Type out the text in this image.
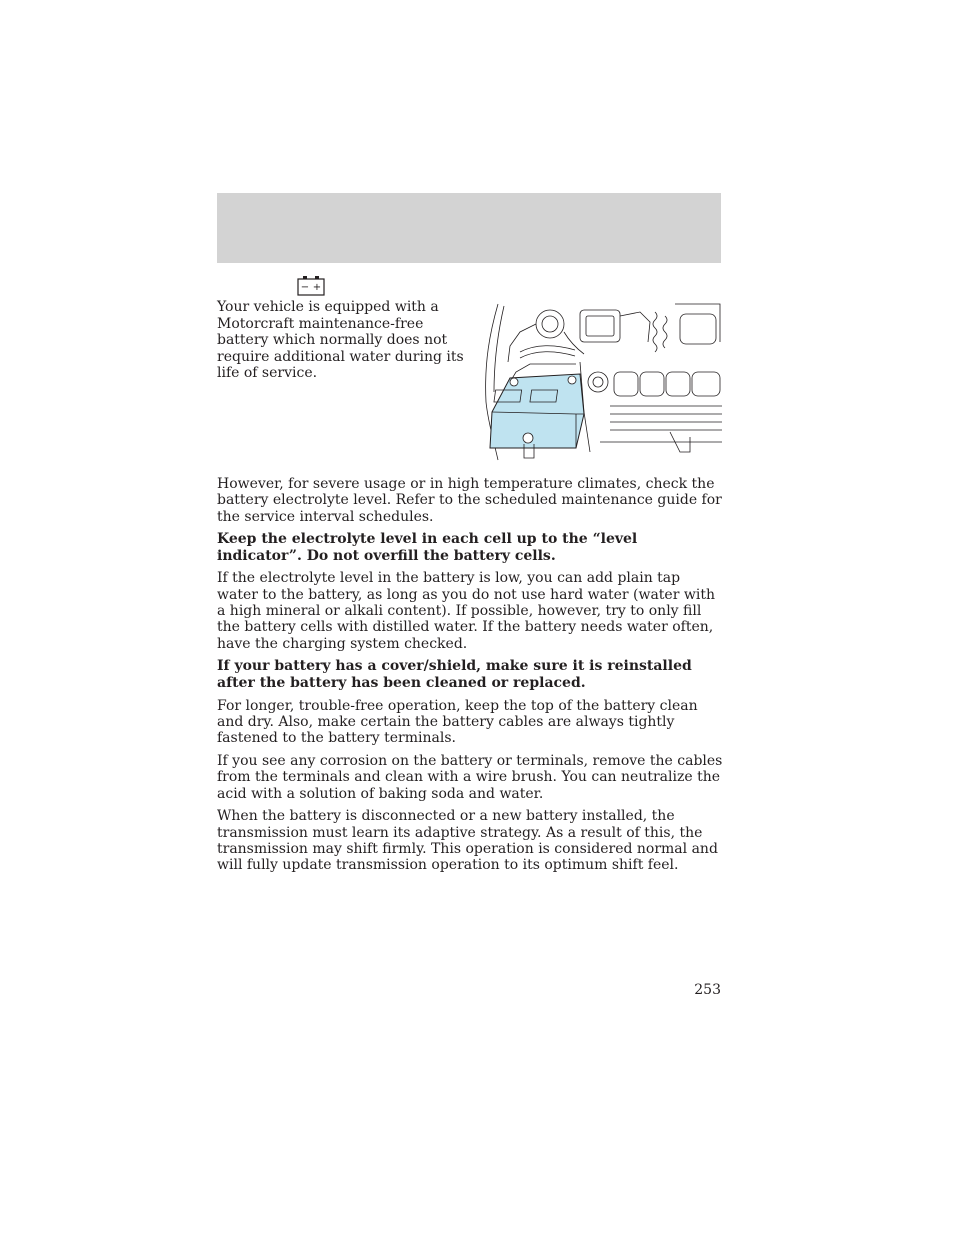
− +

Your vehicle is equipped with a Motorcraft maintenance-free battery which normally does not require additional water during its life of service.

However, for severe usage or in high temperature climates, check the battery electrolyte level. Refer to the scheduled maintenance guide for the service interval schedules.

Keep the electrolyte level in each cell up to the “level indicator”. Do not overfill the battery cells.

If the electrolyte level in the battery is low, you can add plain tap water to the battery, as long as you do not use hard water (water with a high mineral or alkali content). If possible, however, try to only fill the battery cells with distilled water. If the battery needs water often, have the charging system checked.

If your battery has a cover/shield, make sure it is reinstalled after the battery has been cleaned or replaced.

For longer, trouble-free operation, keep the top of the battery clean and dry. Also, make certain the battery cables are always tightly fastened to the battery terminals.

If you see any corrosion on the battery or terminals, remove the cables from the terminals and clean with a wire brush. You can neutralize the acid with a solution of baking soda and water.

When the battery is disconnected or a new battery installed, the transmission must learn its adaptive strategy. As a result of this, the transmission may shift firmly. This operation is considered normal and will fully update transmission operation to its optimum shift feel.

253
